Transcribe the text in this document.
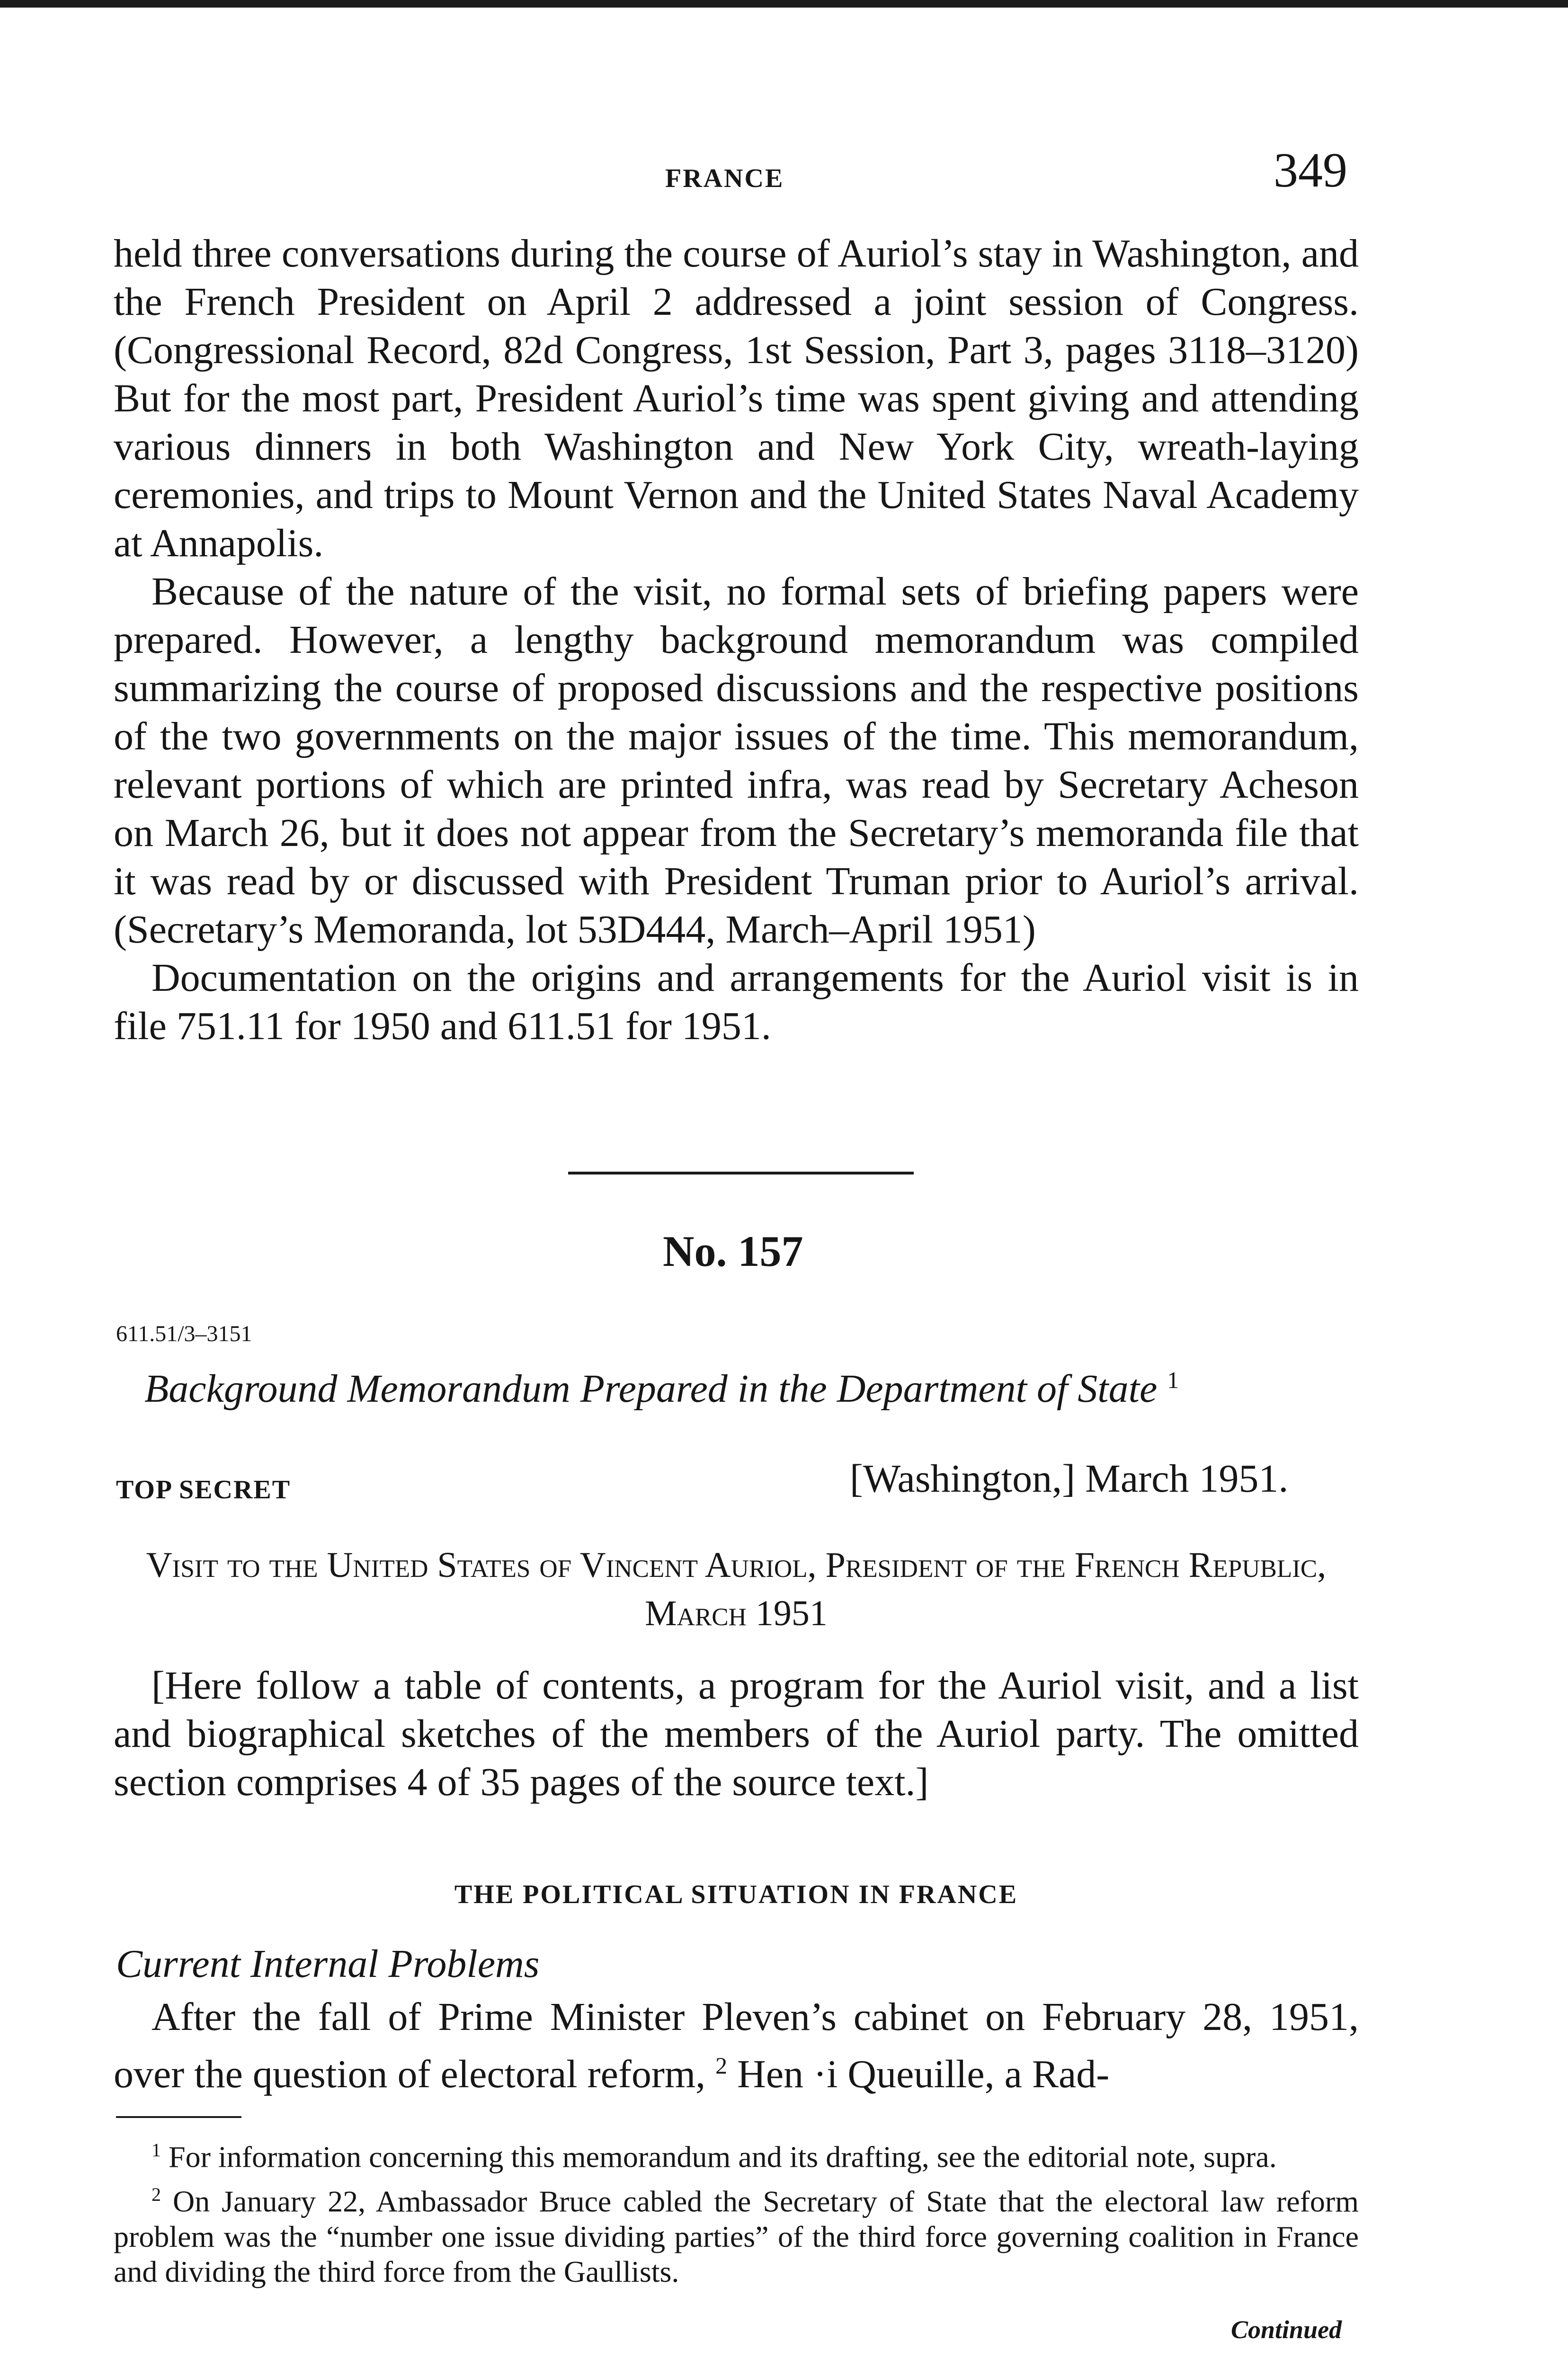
FRANCE	349

held three conversations during the course of Auriol’s stay in Washington, and the French President on April 2 addressed a joint session of Congress. (Congressional Record, 82d Congress, 1st Session, Part 3, pages 3118–3120) But for the most part, President Auriol’s time was spent giving and attending various dinners in both Washington and New York City, wreath-laying ceremonies, and trips to Mount Vernon and the United States Naval Academy at Annapolis.

Because of the nature of the visit, no formal sets of briefing papers were prepared. However, a lengthy background memorandum was compiled summarizing the course of proposed discussions and the respective positions of the two governments on the major issues of the time. This memorandum, relevant portions of which are printed infra, was read by Secretary Acheson on March 26, but it does not appear from the Secretary’s memoranda file that it was read by or discussed with President Truman prior to Auriol’s arrival. (Secretary’s Memoranda, lot 53D444, March–April 1951)

Documentation on the origins and arrangements for the Auriol visit is in file 751.11 for 1950 and 611.51 for 1951.

No. 157
611.51/3–3151
Background Memorandum Prepared in the Department of State $^1$
TOP SECRET	[Washington,] March 1951.
Visit to the United States of Vincent Auriol, President of the French Republic, March 1951

[Here follow a table of contents, a program for the Auriol visit, and a list and biographical sketches of the members of the Auriol party. The omitted section comprises 4 of 35 pages of the source text.]

THE POLITICAL SITUATION IN FRANCE
Current Internal Problems

After the fall of Prime Minister Pleven’s cabinet on February 28, 1951, over the question of electoral reform, $^2$ Hen ·i Queuille, a Rad-

$^1$ For information concerning this memorandum and its drafting, see the editorial note, supra.

$^2$ On January 22, Ambassador Bruce cabled the Secretary of State that the electoral law reform problem was the “number one issue dividing parties” of the third force governing coalition in France and dividing the third force from the Gaullists.

Continued
